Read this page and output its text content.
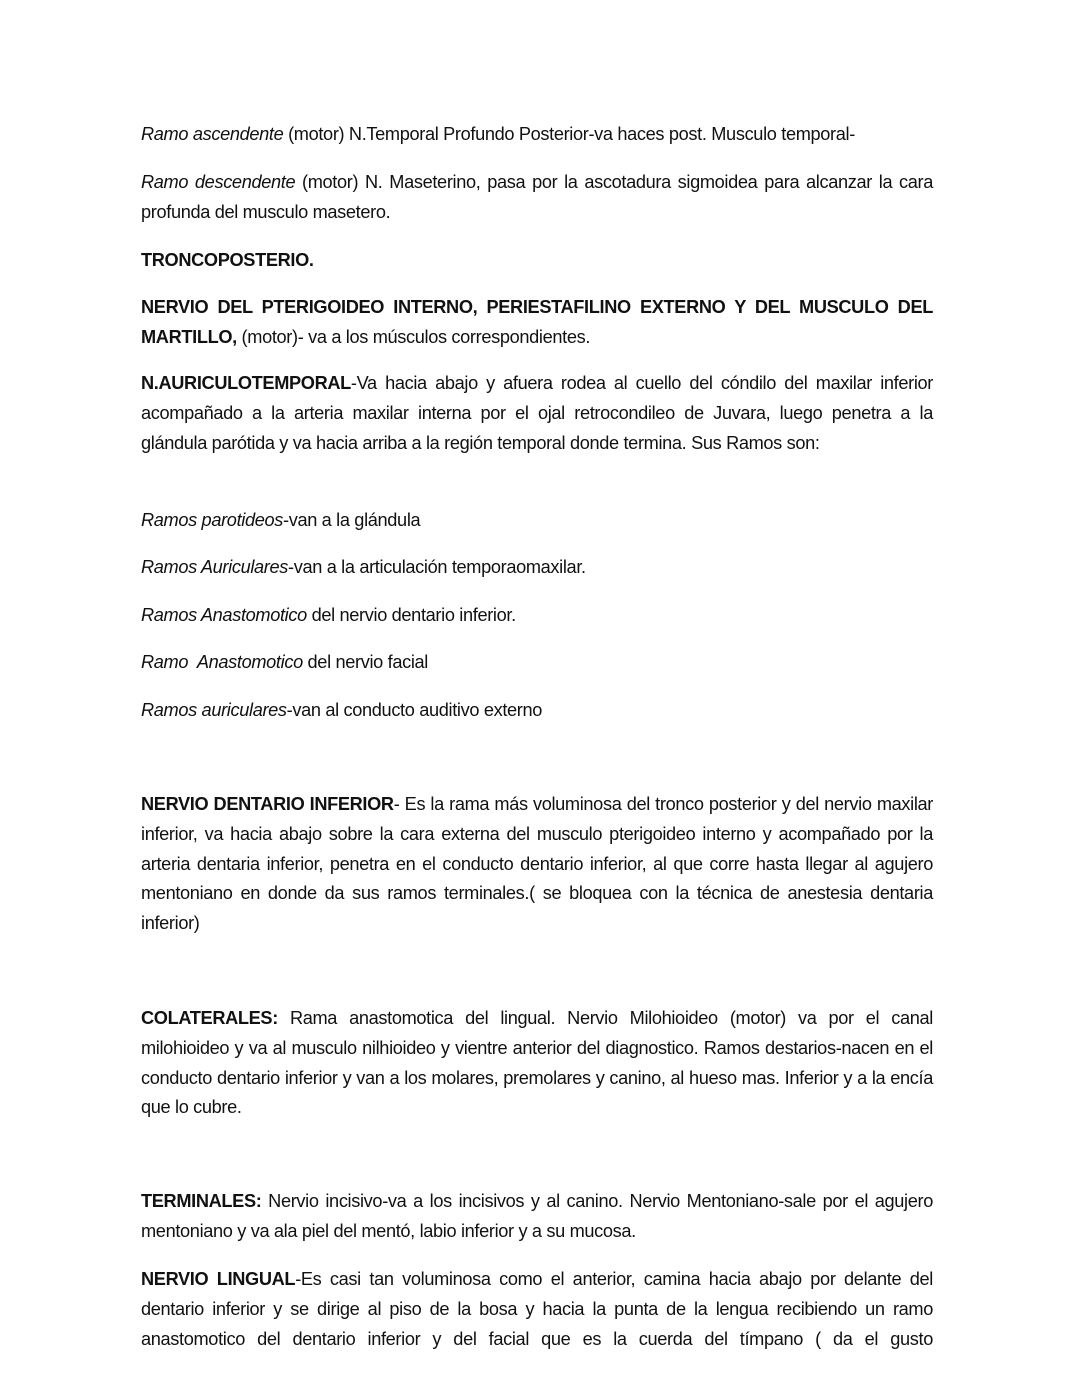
Ramo ascendente (motor) N.Temporal Profundo Posterior-va haces post. Musculo temporal-

Ramo descendente (motor) N. Maseterino, pasa por la ascotadura sigmoidea para alcanzar la cara profunda del musculo masetero.

TRONCOPOSTERIO.

NERVIO DEL PTERIGOIDEO INTERNO, PERIESTAFILINO EXTERNO Y DEL MUSCULO DEL MARTILLO, (motor)- va a los músculos correspondientes.

N.AURICULOTEMPORAL-Va hacia abajo y afuera rodea al cuello del cóndilo del maxilar inferior acompañado a la arteria maxilar interna por el ojal retrocondileo de Juvara, luego penetra a la glándula parótida y va hacia arriba a la región temporal donde termina. Sus Ramos son:

Ramos parotideos-van a la glándula

Ramos Auriculares-van a la articulación temporaomaxilar.

Ramos Anastomotico del nervio dentario inferior.

Ramo  Anastomotico del nervio facial

Ramos auriculares-van al conducto auditivo externo

NERVIO DENTARIO INFERIOR- Es la rama más voluminosa del tronco posterior y del nervio maxilar inferior, va hacia abajo sobre la cara externa del musculo pterigoideo interno y acompañado por la arteria dentaria inferior, penetra en el conducto dentario inferior, al que corre hasta llegar al agujero mentoniano en donde da sus ramos terminales.( se bloquea con la técnica de anestesia dentaria inferior)

COLATERALES: Rama anastomotica del lingual. Nervio Milohioideo (motor) va por el canal milohioideo y va al musculo nilhioideo y vientre anterior del diagnostico. Ramos destarios-nacen en el conducto dentario inferior y van a los molares, premolares y canino, al hueso mas. Inferior y a la encía que lo cubre.

TERMINALES: Nervio incisivo-va a los incisivos y al canino. Nervio Mentoniano-sale por el agujero mentoniano y va ala piel del mentó, labio inferior y a su mucosa.

NERVIO LINGUAL-Es casi tan voluminosa como el anterior, camina hacia abajo por delante del dentario inferior y se dirige al piso de la bosa y hacia la punta de la lengua recibiendo un ramo anastomotico del dentario inferior y del facial que es la cuerda del tímpano ( da el gusto
